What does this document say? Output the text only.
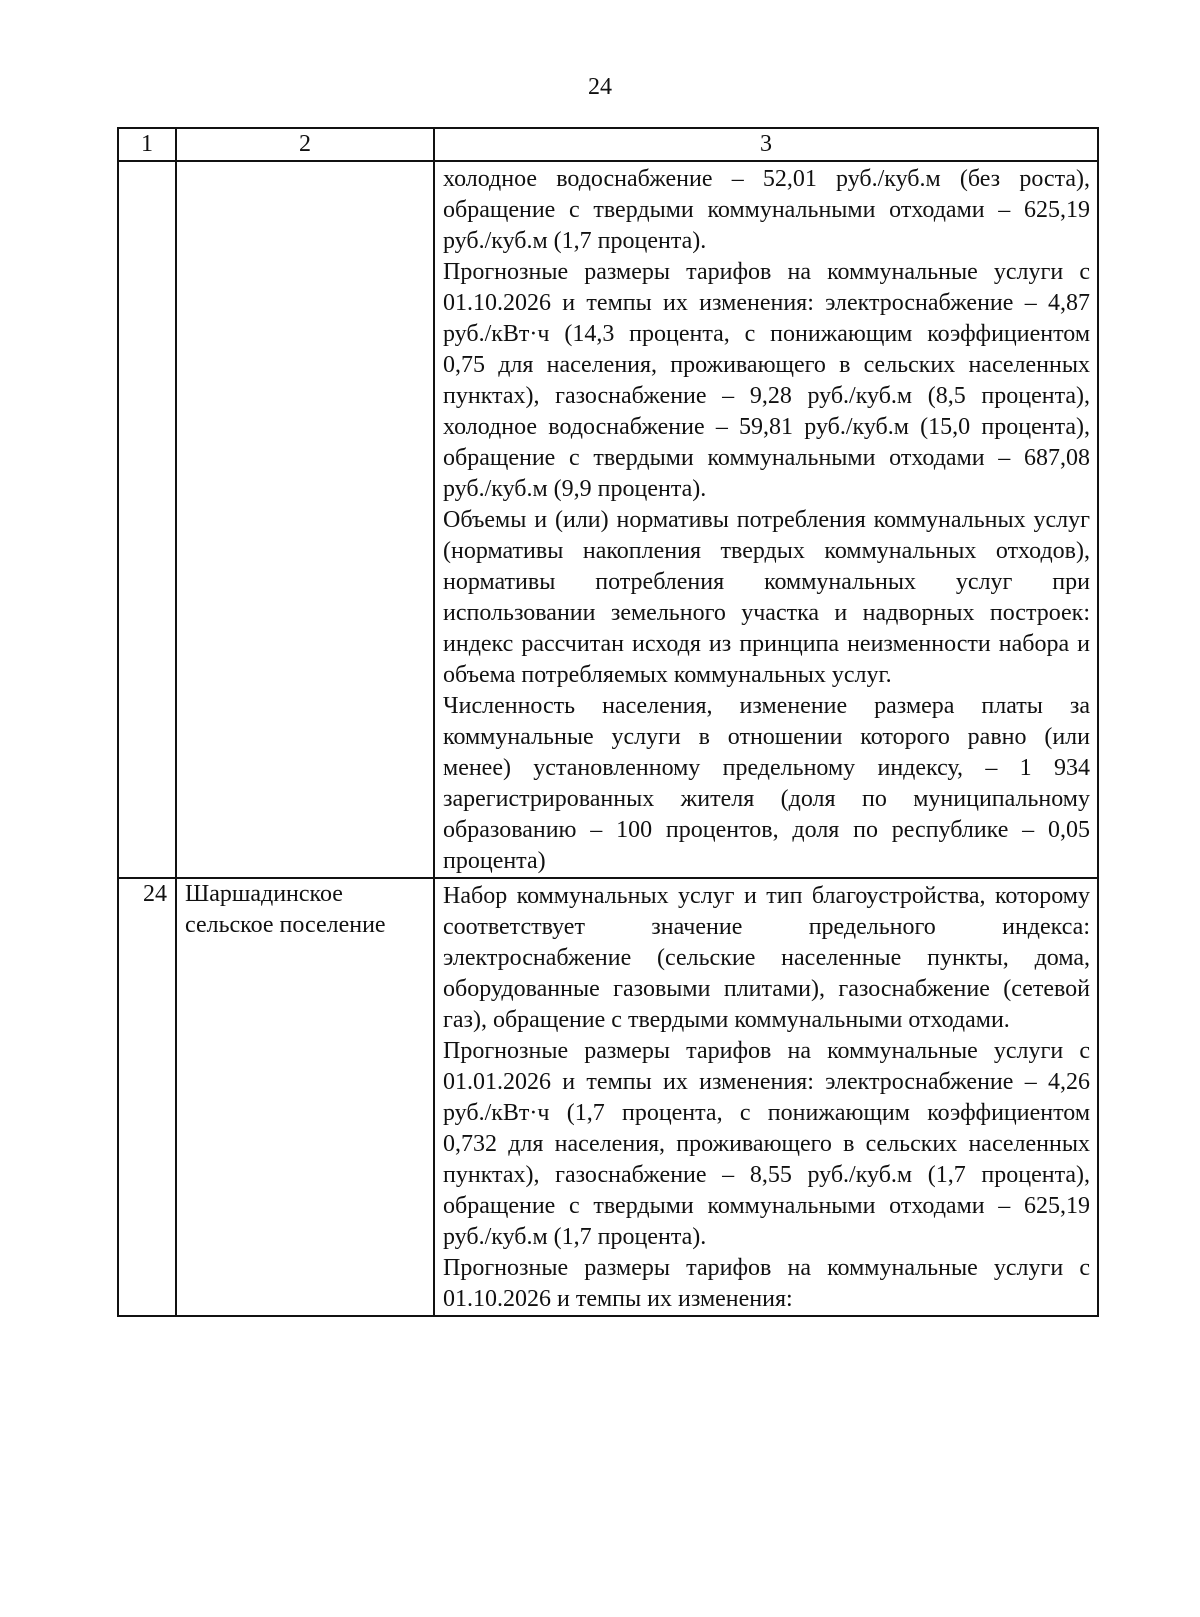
24
1	2	3

		холодное водоснабжение – 52,01 руб./куб.м (без роста), обращение с твердыми коммунальными отходами – 625,19 руб./куб.м (1,7 процента).

Прогнозные размеры тарифов на коммунальные услуги с 01.10.2026 и темпы их изменения: электроснабжение – 4,87 руб./кВт·ч (14,3 процента, с понижающим коэффициентом 0,75 для населения, проживающего в сельских населенных пунктах), газоснабжение – 9,28 руб./куб.м (8,5 процента), холодное водоснабжение – 59,81 руб./куб.м (15,0 процента), обращение с твердыми коммунальными отходами – 687,08 руб./куб.м (9,9 процента).

Объемы и (или) нормативы потребления коммунальных услуг (нормативы накопления твердых коммунальных отходов), нормативы потребления коммунальных услуг при использовании земельного участка и надворных построек: индекс рассчитан исходя из принципа неизменности набора и объема потребляемых коммунальных услуг.

Численность населения, изменение размера платы за коммунальные услуги в отношении которого равно (или менее) установленному предельному индексу, – 1 934 зарегистрированных жителя (доля по муниципальному образованию – 100 процентов, доля по республике – 0,05 процента)

24	Шаршадинское сельское поселение	Набор коммунальных услуг и тип благоустройства, которому соответствует значение предельного индекса: электроснабжение (сельские населенные пункты, дома, оборудованные газовыми плитами), газоснабжение (сетевой газ), обращение с твердыми коммунальными отходами.

Прогнозные размеры тарифов на коммунальные услуги с 01.01.2026 и темпы их изменения: электроснабжение – 4,26 руб./кВт·ч (1,7 процента, с понижающим коэффициентом 0,732 для населения, проживающего в сельских населенных пунктах), газоснабжение – 8,55 руб./куб.м (1,7 процента), обращение с твердыми коммунальными отходами – 625,19 руб./куб.м (1,7 процента).

Прогнозные размеры тарифов на коммунальные услуги с 01.10.2026 и темпы их изменения:
